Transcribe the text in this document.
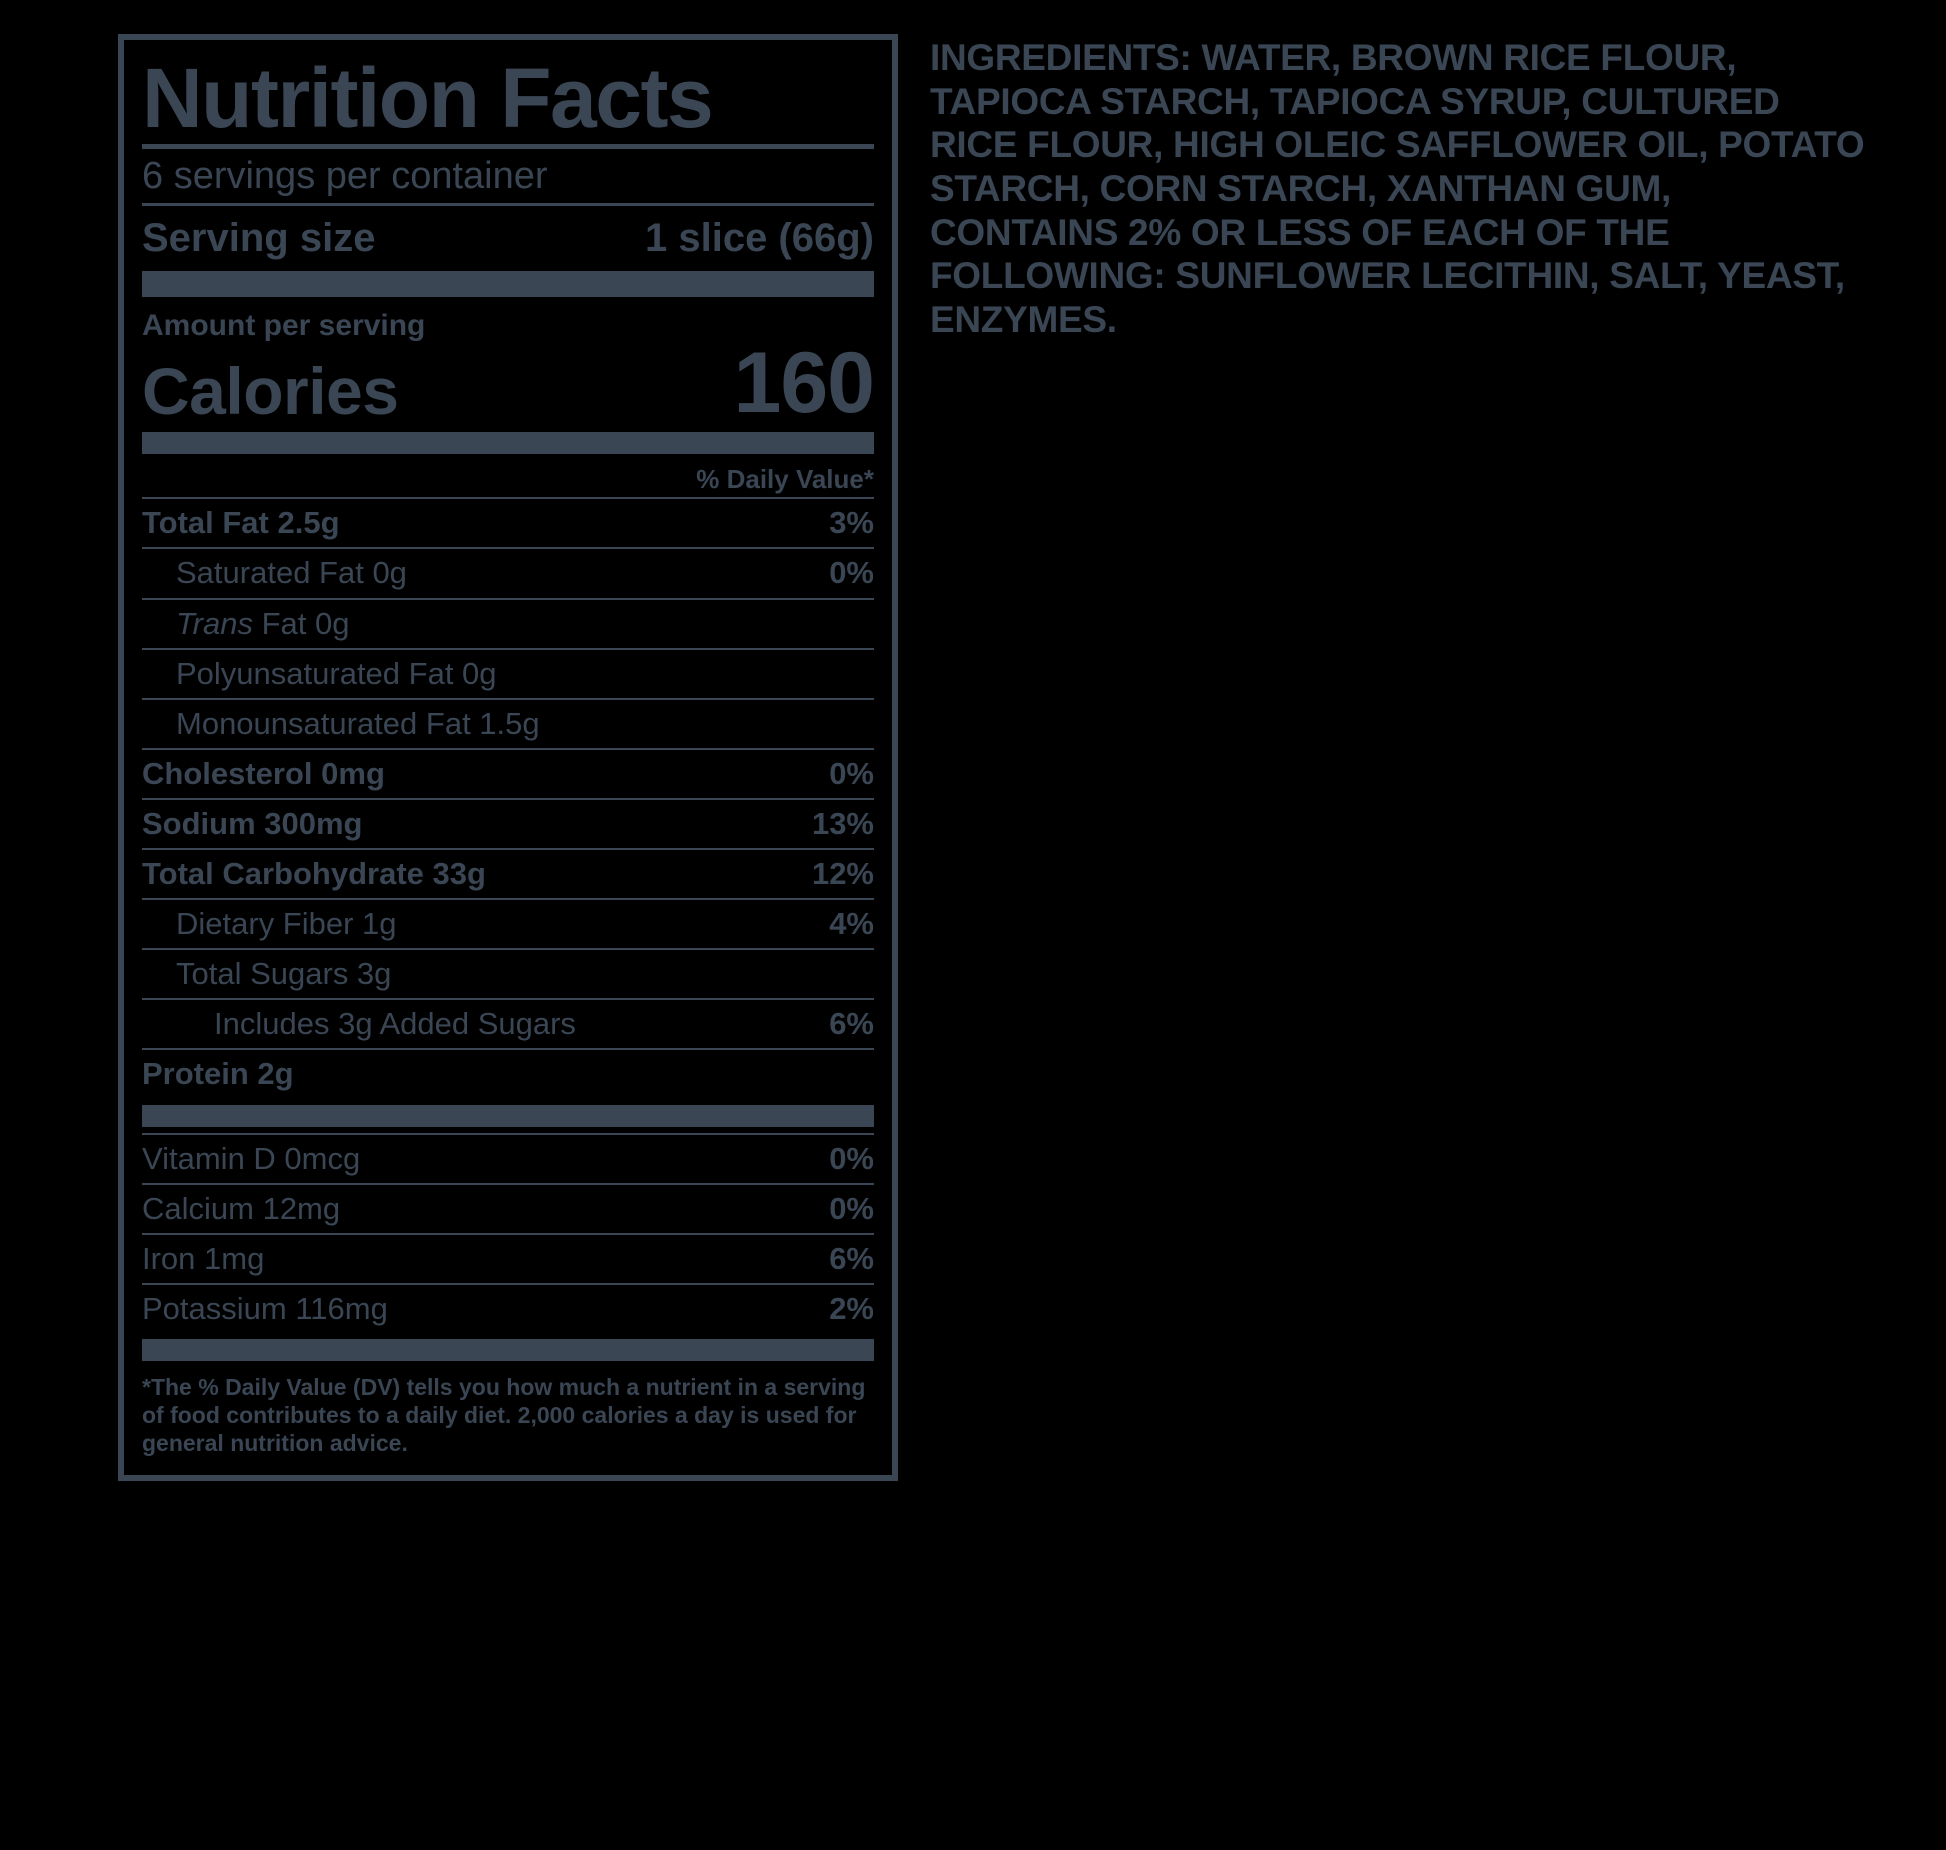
Nutrition Facts
6 servings per container
Serving size	1 slice (66g)
Amount per serving
Calories	160
% Daily Value*
Total Fat 2.5g	3%
Saturated Fat 0g	0%
Trans Fat 0g
Polyunsaturated Fat 0g
Monounsaturated Fat 1.5g
Cholesterol 0mg	0%
Sodium 300mg	13%
Total Carbohydrate 33g	12%
Dietary Fiber 1g	4%
Total Sugars 3g
Includes 3g Added Sugars	6%
Protein 2g
Vitamin D 0mcg	0%
Calcium 12mg	0%
Iron 1mg	6%
Potassium 116mg	2%
*The % Daily Value (DV) tells you how much a nutrient in a serving of food contributes to a daily diet. 2,000 calories a day is used for general nutrition advice.
INGREDIENTS: WATER, BROWN RICE FLOUR, TAPIOCA STARCH, TAPIOCA SYRUP, CULTURED RICE FLOUR, HIGH OLEIC SAFFLOWER OIL, POTATO STARCH, CORN STARCH, XANTHAN GUM, CONTAINS 2% OR LESS OF EACH OF THE FOLLOWING: SUNFLOWER LECITHIN, SALT, YEAST, ENZYMES.
